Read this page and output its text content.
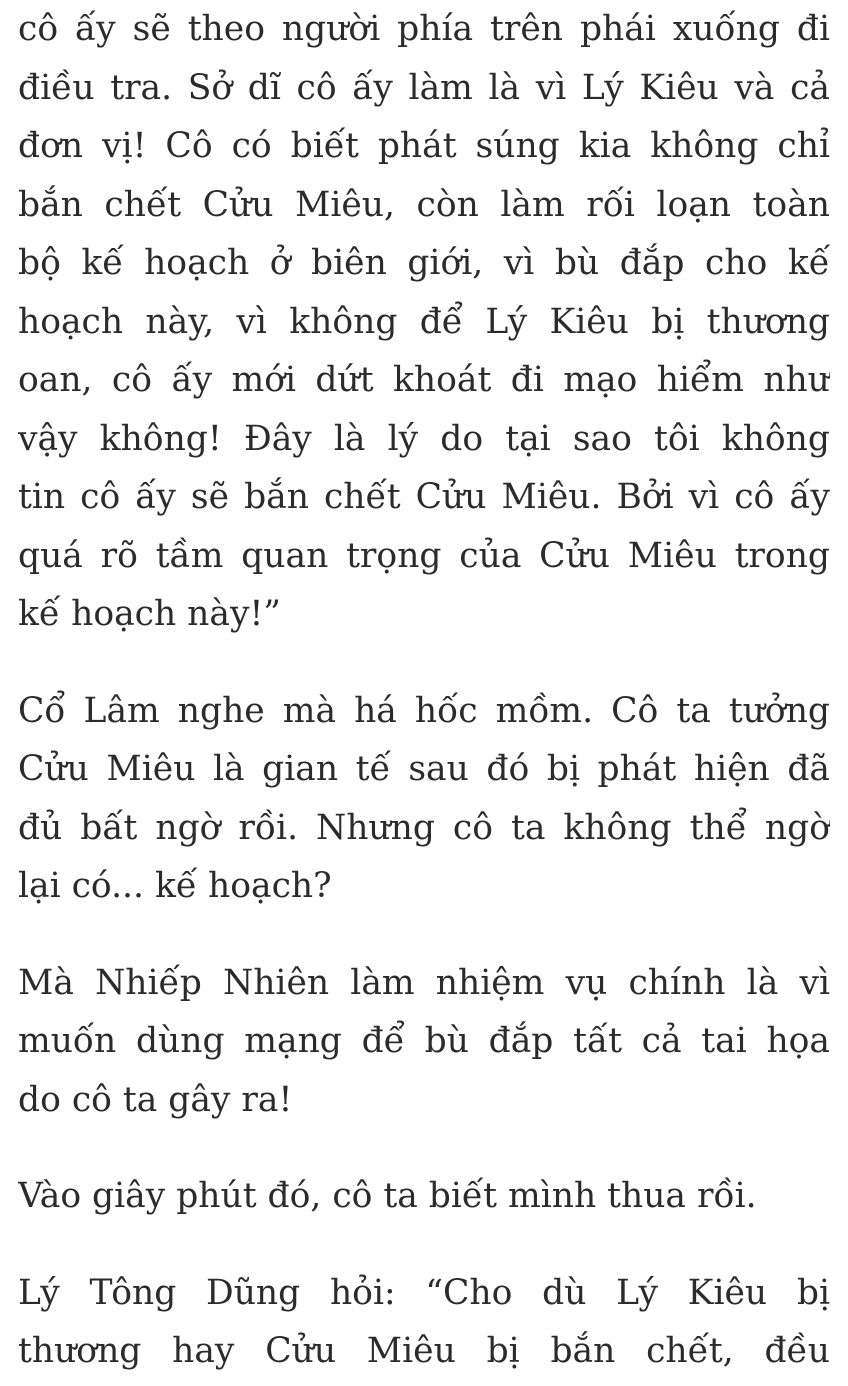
cô ấy sẽ theo người phía trên phái xuống đi
điều tra. Sở dĩ cô ấy làm là vì Lý Kiêu và cả
đơn vị! Cô có biết phát súng kia không chỉ
bắn chết Cửu Miêu, còn làm rối loạn toàn
bộ kế hoạch ở biên giới, vì bù đắp cho kế
hoạch này, vì không để Lý Kiêu bị thương
oan, cô ấy mới dứt khoát đi mạo hiểm như
vậy không! Đây là lý do tại sao tôi không
tin cô ấy sẽ bắn chết Cửu Miêu. Bởi vì cô ấy
quá rõ tầm quan trọng của Cửu Miêu trong
kế hoạch này!”
Cổ Lâm nghe mà há hốc mồm. Cô ta tưởng
Cửu Miêu là gian tế sau đó bị phát hiện đã
đủ bất ngờ rồi. Nhưng cô ta không thể ngờ
lại có... kế hoạch?
Mà Nhiếp Nhiên làm nhiệm vụ chính là vì
muốn dùng mạng để bù đắp tất cả tai họa
do cô ta gây ra!
Vào giây phút đó, cô ta biết mình thua rồi.
Lý Tông Dũng hỏi: “Cho dù Lý Kiêu bị
thương hay Cửu Miêu bị bắn chết, đều
